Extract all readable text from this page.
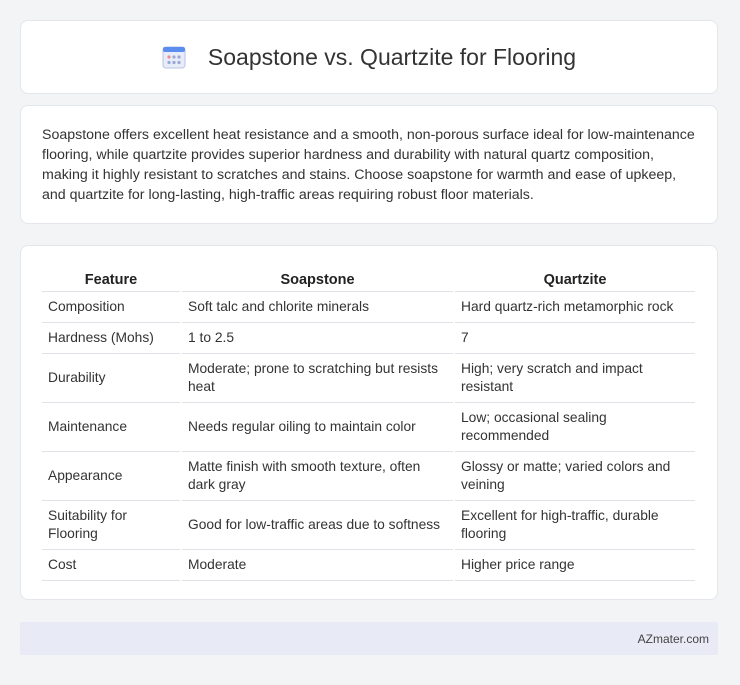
Soapstone vs. Quartzite for Flooring

Soapstone offers excellent heat resistance and a smooth, non-porous surface ideal for low-maintenance flooring, while quartzite provides superior hardness and durability with natural quartz composition, making it highly resistant to scratches and stains. Choose soapstone for warmth and ease of upkeep, and quartzite for long-lasting, high-traffic areas requiring robust floor materials.

Feature	Soapstone	Quartzite
Composition	Soft talc and chlorite minerals	Hard quartz-rich metamorphic rock
Hardness (Mohs)	1 to 2.5	7
Durability	Moderate; prone to scratching but resists heat	High; very scratch and impact resistant
Maintenance	Needs regular oiling to maintain color	Low; occasional sealing recommended
Appearance	Matte finish with smooth texture, often dark gray	Glossy or matte; varied colors and veining
Suitability for Flooring	Good for low-traffic areas due to softness	Excellent for high-traffic, durable flooring
Cost	Moderate	Higher price range
AZmater.com
